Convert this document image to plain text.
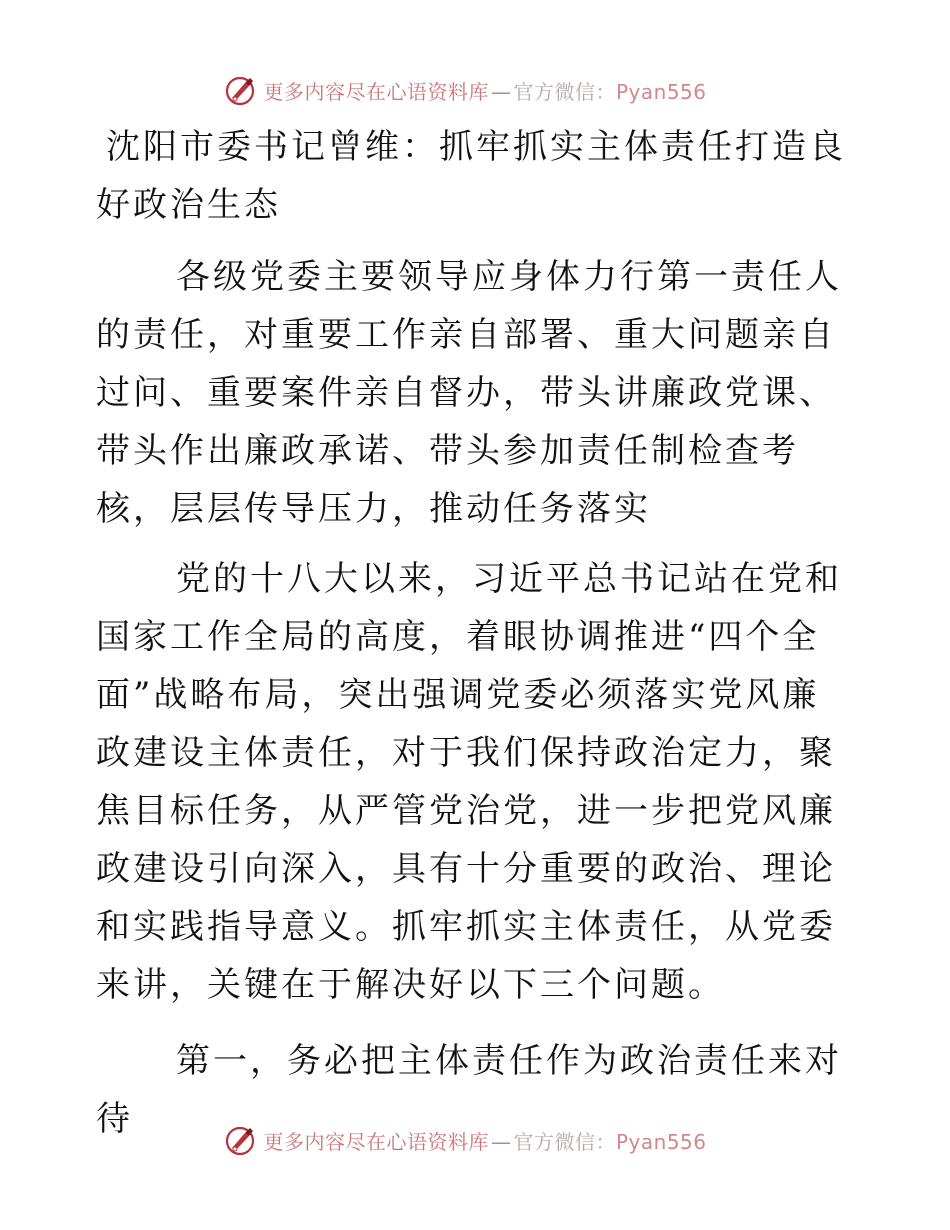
更多内容尽在心语资料库 — 官方微信：Pyan556
沈阳市委书记曾维：抓牢抓实主体责任打造良好政治生态

各级党委主要领导应身体力行第一责任人的责任，对重要工作亲自部署、重大问题亲自过问、重要案件亲自督办，带头讲廉政党课、带头作出廉政承诺、带头参加责任制检查考核，层层传导压力，推动任务落实

党的十八大以来，习近平总书记站在党和国家工作全局的高度，着眼协调推进“四个全面”战略布局，突出强调党委必须落实党风廉政建设主体责任，对于我们保持政治定力，聚焦目标任务，从严管党治党，进一步把党风廉政建设引向深入，具有十分重要的政治、理论和实践指导意义。抓牢抓实主体责任，从党委来讲，关键在于解决好以下三个问题。

第一，务必把主体责任作为政治责任来对待

更多内容尽在心语资料库 — 官方微信：Pyan556
